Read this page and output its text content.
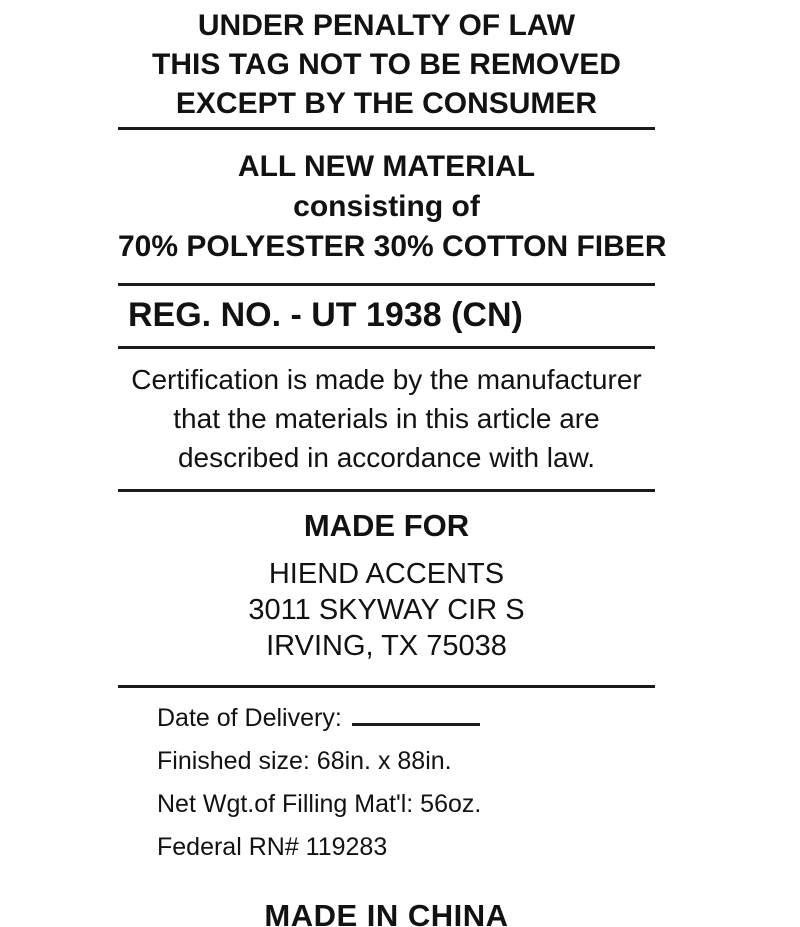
UNDER PENALTY OF LAW
THIS TAG NOT TO BE REMOVED
EXCEPT BY THE CONSUMER
ALL NEW MATERIAL
consisting of
70% POLYESTER 30% COTTON FIBER
REG. NO. - UT 1938 (CN)
Certification is made by the manufacturer
that the materials in this article are
described in accordance with law.
MADE FOR
HIEND ACCENTS
3011 SKYWAY CIR S
IRVING, TX 75038
Date of Delivery:
Finished size: 68in. x 88in.
Net Wgt.of Filling Mat'l: 56oz.
Federal RN# 119283
MADE IN CHINA
